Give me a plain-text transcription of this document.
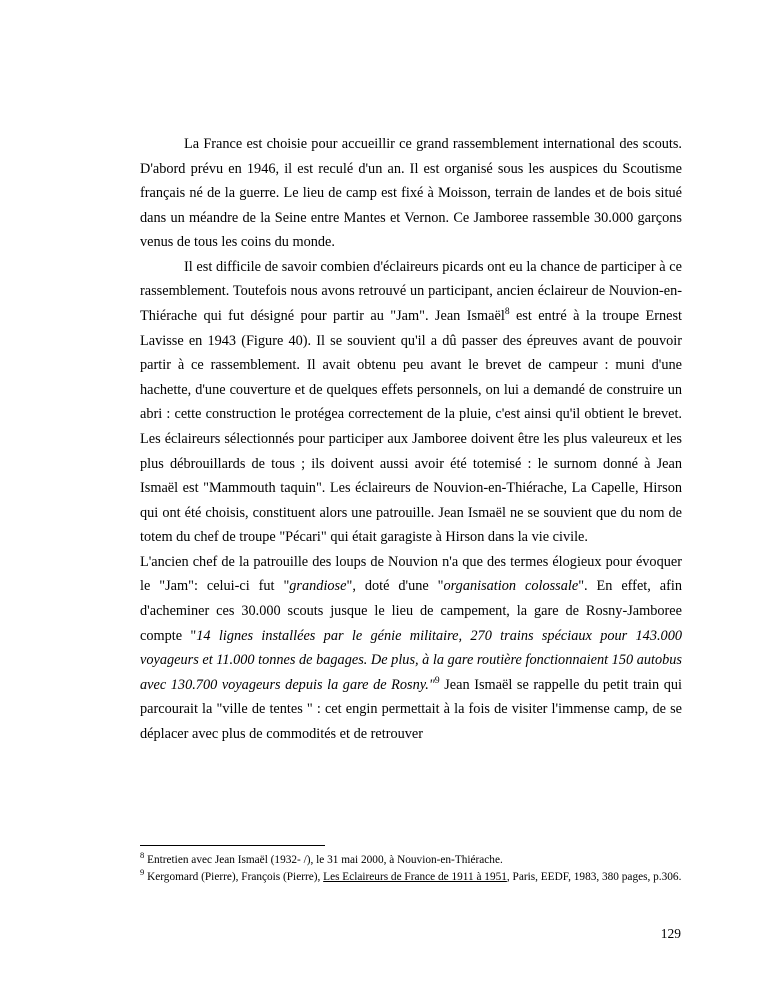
La France est choisie pour accueillir ce grand rassemblement international des scouts. D'abord prévu en 1946, il est reculé d'un an. Il est organisé sous les auspices du Scoutisme français né de la guerre. Le lieu de camp est fixé à Moisson, terrain de landes et de bois situé dans un méandre de la Seine entre Mantes et Vernon. Ce Jamboree rassemble 30.000 garçons venus de tous les coins du monde.

Il est difficile de savoir combien d'éclaireurs picards ont eu la chance de participer à ce rassemblement. Toutefois nous avons retrouvé un participant, ancien éclaireur de Nouvion-en-Thiérache qui fut désigné pour partir au "Jam". Jean Ismaël$^8$ est entré à la troupe Ernest Lavisse en 1943 (Figure 40). Il se souvient qu'il a dû passer des épreuves avant de pouvoir partir à ce rassemblement. Il avait obtenu peu avant le brevet de campeur : muni d'une hachette, d'une couverture et de quelques effets personnels, on lui a demandé de construire un abri : cette construction le protégea correctement de la pluie, c'est ainsi qu'il obtient le brevet. Les éclaireurs sélectionnés pour participer aux Jamboree doivent être les plus valeureux et les plus débrouillards de tous ; ils doivent aussi avoir été totemisé : le surnom donné à Jean Ismaël est "Mammouth taquin". Les éclaireurs de Nouvion-en-Thiérache, La Capelle, Hirson qui ont été choisis, constituent alors une patrouille. Jean Ismaël ne se souvient que du nom de totem du chef de troupe "Pécari" qui était garagiste à Hirson dans la vie civile.

L'ancien chef de la patrouille des loups de Nouvion n'a que des termes élogieux pour évoquer le "Jam": celui-ci fut "grandiose", doté d'une "organisation colossale". En effet, afin d'acheminer ces 30.000 scouts jusque le lieu de campement, la gare de Rosny-Jamboree compte "14 lignes installées par le génie militaire, 270 trains spéciaux pour 143.000 voyageurs et 11.000 tonnes de bagages. De plus, à la gare routière fonctionnaient 150 autobus avec 130.700 voyageurs depuis la gare de Rosny."$^9$ Jean Ismaël se rappelle du petit train qui parcourait la "ville de tentes " : cet engin permettait à la fois de visiter l'immense camp, de se déplacer avec plus de commodités et de retrouver

$^8$ Entretien avec Jean Ismaël (1932- /), le 31 mai 2000, à Nouvion-en-Thiérache.

$^9$ Kergomard (Pierre), François (Pierre), Les Eclaireurs de France de 1911 à 1951, Paris, EEDF, 1983, 380 pages, p.306.

129
